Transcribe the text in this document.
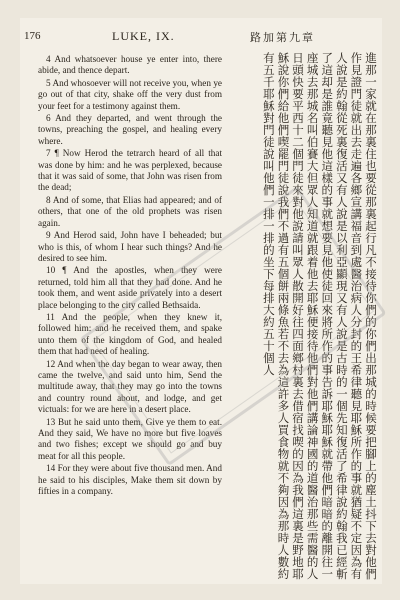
176	LUKE, IX.	路加第九章

4 And whatsoever house ye enter into, there abide, and thence depart.

5 And whosoever will not receive you, when ye go out of that city, shake off the very dust from your feet for a testimony against them.

6 And they departed, and went through the towns, preaching the gospel, and healing every where.

7 ¶ Now Herod the tetrarch heard of all that was done by him: and he was perplexed, because that it was said of some, that John was risen from the dead;

8 And of some, that Elias had appeared; and of others, that one of the old prophets was risen again.

9 And Herod said, John have I beheaded; but who is this, of whom I hear such things? And he desired to see him.

10 ¶ And the apostles, when they were returned, told him all that they had done. And he took them, and went aside privately into a desert place belonging to the city called Bethsaida.

11 And the people, when they knew it, followed him: and he received them, and spake unto them of the kingdom of God, and healed them that had need of healing.

12 And when the day began to wear away, then came the twelve, and said unto him, Send the multitude away, that they may go into the towns and country round about, and lodge, and get victuals: for we are here in a desert place.

13 But he said unto them, Give ye them to eat. And they said, We have no more but five loaves and two fishes; except we should go and buy meat for all this people.

14 For they were about five thousand men. And he said to his disciples, Make them sit down by fifties in a company.	進那一家就在那裏住也要從那裏起行凡不接待你們的你們出那城的時候要把腳上的塵土抖下去對他們作見證門徒就出去走遍各鄉宣講福音到處醫治病人分封的王希律聽見耶穌所作的事就猶疑不定因為有人說是約翰從死裏復活又有人說是以利亞顯現又有人說是古時的一個先知復活了希律說約翰我已經斬了這却是誰竟聽見他這樣的事就想要見他使徒回來將所作的事告訴耶穌耶穌就帶他們暗暗的離開往一座城去那城名叫伯賽大但眾人知道就跟着他去耶穌便接待他們對他們講論神國的道醫治那些需醫的人日頭快要平西十二個門徒來對他說請叫眾人散開好往四面鄉村裏去借宿找喫的因為我們這裏是野地耶穌說你們給他們喫罷門徒說我們不過有五個餅兩條魚若不去為這許多人買食物就不夠因為那時人數約有五千耶穌對門徒說叫他們一排一排的坐下每排大約五十個人
